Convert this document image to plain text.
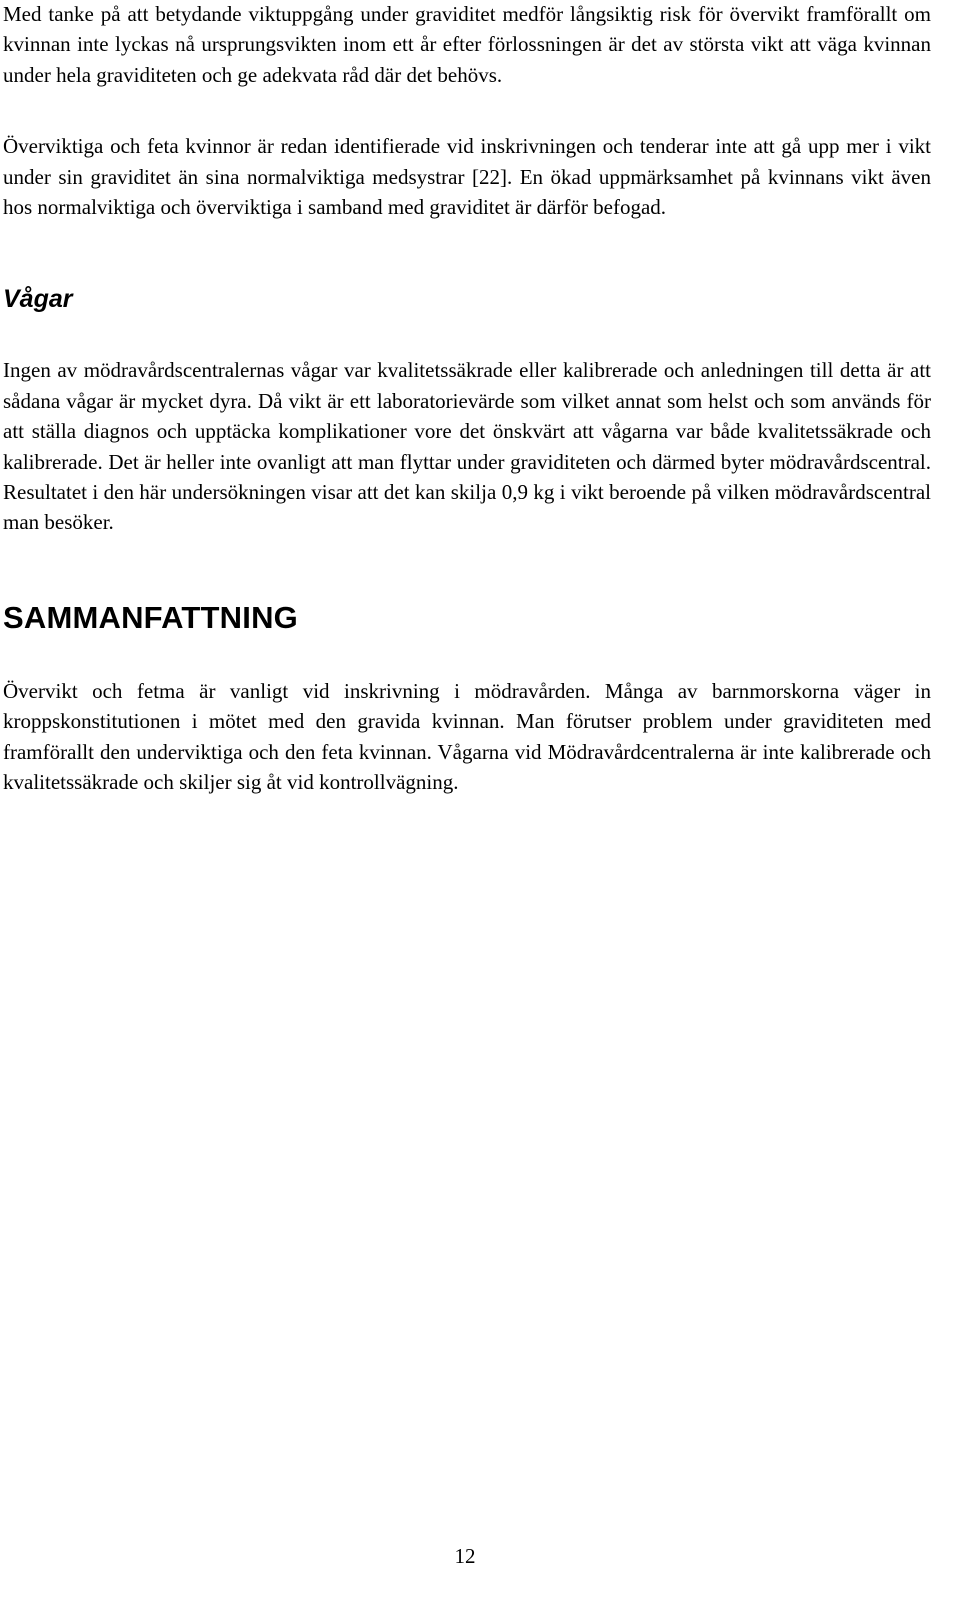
Med tanke på att betydande viktuppgång under graviditet medför långsiktig risk för övervikt framförallt om kvinnan inte lyckas nå ursprungsvikten inom ett år efter förlossningen är det av största vikt att väga kvinnan under hela graviditeten och ge adekvata råd där det behövs.

Överviktiga och feta kvinnor är redan identifierade vid inskrivningen och tenderar inte att gå upp mer i vikt under sin graviditet än sina normalviktiga medsystrar [22]. En ökad uppmärksamhet på kvinnans vikt även hos normalviktiga och överviktiga i samband med graviditet är därför befogad.

Vågar

Ingen av mödravårdscentralernas vågar var kvalitetssäkrade eller kalibrerade och anledningen till detta är att sådana vågar är mycket dyra. Då vikt är ett laboratorievärde som vilket annat som helst och som används för att ställa diagnos och upptäcka komplikationer vore det önskvärt att vågarna var både kvalitetssäkrade och kalibrerade. Det är heller inte ovanligt att man flyttar under graviditeten och därmed byter mödravårdscentral. Resultatet i den här undersökningen visar att det kan skilja 0,9 kg i vikt beroende på vilken mödravårdscentral man besöker.

SAMMANFATTNING

Övervikt och fetma är vanligt vid inskrivning i mödravården. Många av barnmorskorna väger in kroppskonstitutionen i mötet med den gravida kvinnan. Man förutser problem under graviditeten med framförallt den underviktiga och den feta kvinnan. Vågarna vid Mödravårdcentralerna är inte kalibrerade och kvalitetssäkrade och skiljer sig åt vid kontrollvägning.

12
